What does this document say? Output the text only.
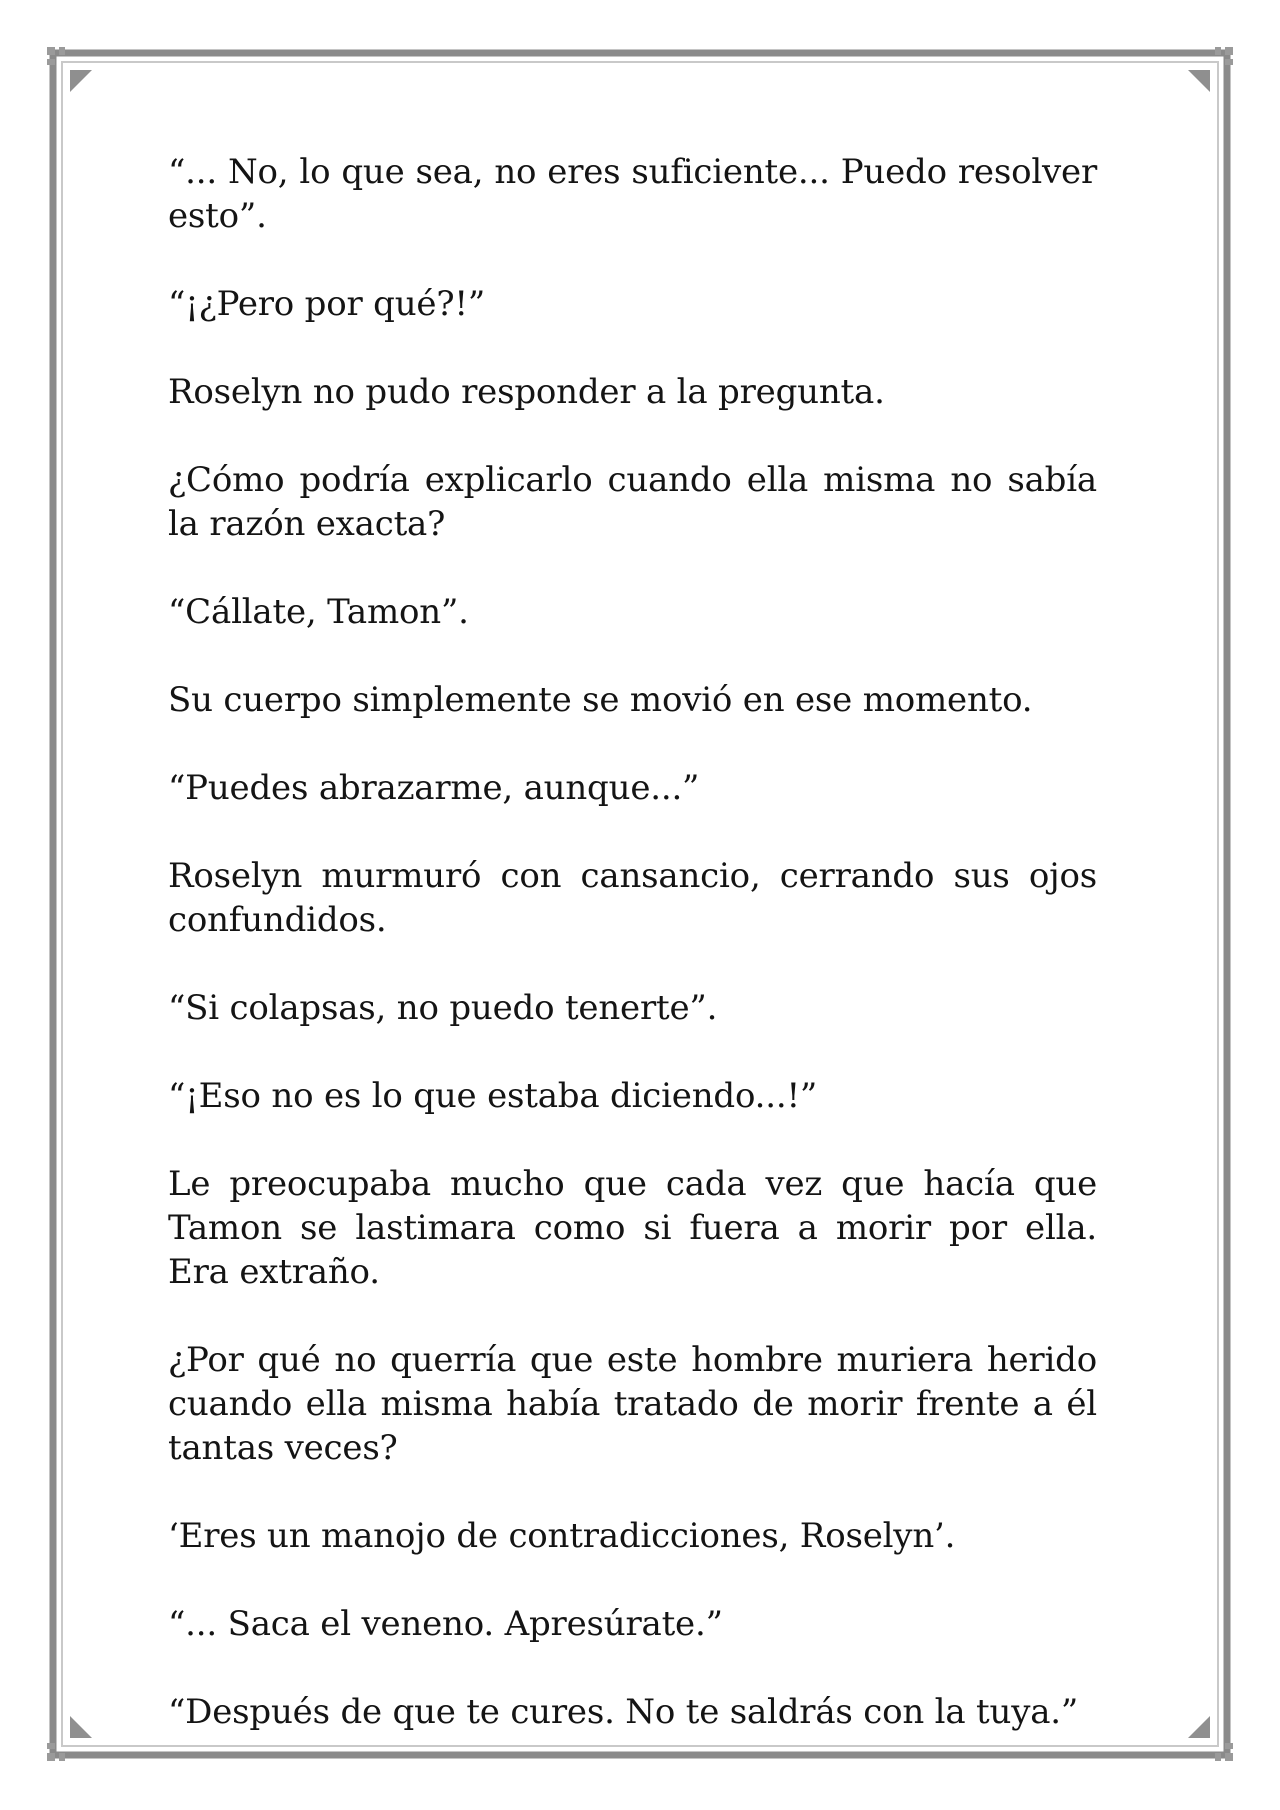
“... No, lo que sea, no eres suficiente... Puedo resolver esto”.

“¡¿Pero por qué?!”

Roselyn no pudo responder a la pregunta.

¿Cómo podría explicarlo cuando ella misma no sabía la razón exacta?

“Cállate, Tamon”.

Su cuerpo simplemente se movió en ese momento.

“Puedes abrazarme, aunque...”

Roselyn murmuró con cansancio, cerrando sus ojos confundidos.

“Si colapsas, no puedo tenerte”.

“¡Eso no es lo que estaba diciendo...!”

Le preocupaba mucho que cada vez que hacía que Tamon se lastimara como si fuera a morir por ella. Era extraño.

¿Por qué no querría que este hombre muriera herido cuando ella misma había tratado de morir frente a él tantas veces?

‘Eres un manojo de contradicciones, Roselyn’.

“... Saca el veneno. Apresúrate.”

“Después de que te cures. No te saldrás con la tuya.”
